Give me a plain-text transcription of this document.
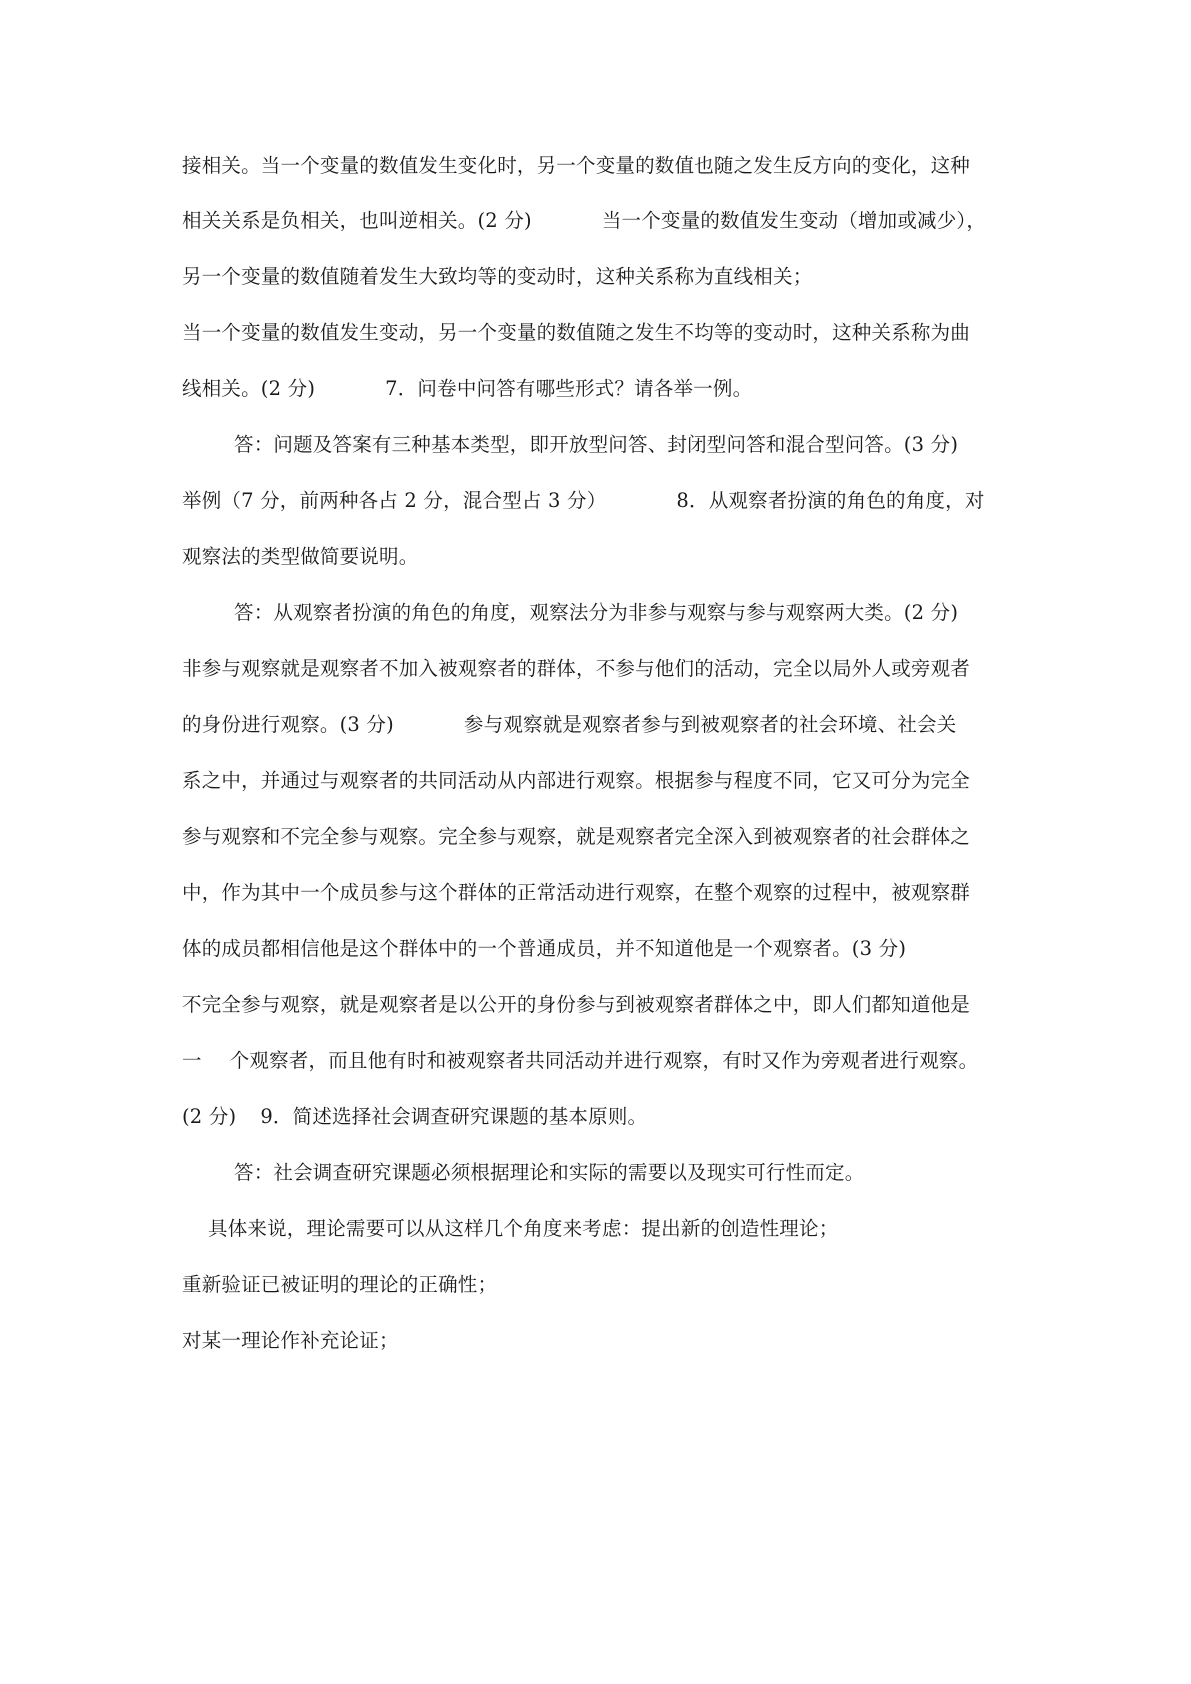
接相关。当一个变量的数值发生变化时，另一个变量的数值也随之发生反方向的变化，这种
相关关系是负相关，也叫逆相关。(2 分)	当一个变量的数值发生变动（增加或减少），
另一个变量的数值随着发生大致均等的变动时，这种关系称为直线相关；
当一个变量的数值发生变动，另一个变量的数值随之发生不均等的变动时，这种关系称为曲
线相关。(2 分)	7．问卷中问答有哪些形式？请各举一例。
答：问题及答案有三种基本类型，即开放型问答、封闭型问答和混合型问答。(3 分)
举例（7 分，前两种各占 2 分，混合型占 3 分）	8．从观察者扮演的角色的角度，对
观察法的类型做简要说明。
答：从观察者扮演的角色的角度，观察法分为非参与观察与参与观察两大类。(2 分)
非参与观察就是观察者不加入被观察者的群体，不参与他们的活动，完全以局外人或旁观者
的身份进行观察。(3 分)	参与观察就是观察者参与到被观察者的社会环境、社会关
系之中，并通过与观察者的共同活动从内部进行观察。根据参与程度不同，它又可分为完全
参与观察和不完全参与观察。完全参与观察，就是观察者完全深入到被观察者的社会群体之
中，作为其中一个成员参与这个群体的正常活动进行观察，在整个观察的过程中，被观察群
体的成员都相信他是这个群体中的一个普通成员，并不知道他是一个观察者。(3 分)
不完全参与观察，就是观察者是以公开的身份参与到被观察者群体之中，即人们都知道他是
一 个观察者，而且他有时和被观察者共同活动并进行观察，有时又作为旁观者进行观察。
(2 分) 9．简述选择社会调查研究课题的基本原则。
答：社会调查研究课题必须根据理论和实际的需要以及现实可行性而定。
具体来说，理论需要可以从这样几个角度来考虑：提出新的创造性理论；
重新验证已被证明的理论的正确性；
对某一理论作补充论证；
